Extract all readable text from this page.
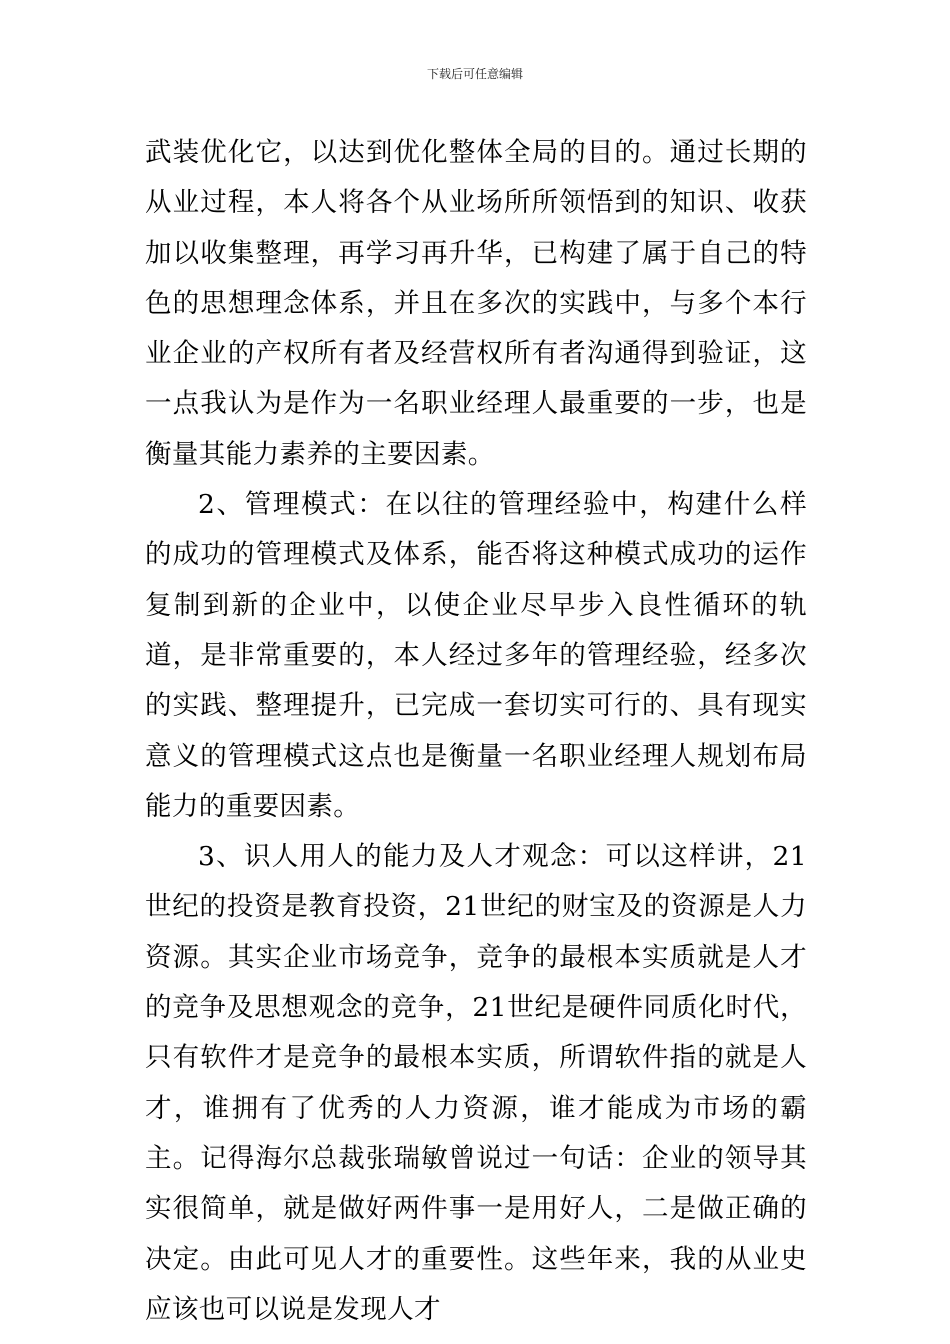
下载后可任意编辑

武装优化它，以达到优化整体全局的目的。通过长期的从业过程，本人将各个从业场所所领悟到的知识、收获加以收集整理，再学习再升华，已构建了属于自己的特色的思想理念体系，并且在多次的实践中，与多个本行业企业的产权所有者及经营权所有者沟通得到验证，这一点我认为是作为一名职业经理人最重要的一步，也是衡量其能力素养的主要因素。

2、管理模式：在以往的管理经验中，构建什么样的成功的管理模式及体系，能否将这种模式成功的运作复制到新的企业中，以使企业尽早步入良性循环的轨道，是非常重要的，本人经过多年的管理经验，经多次的实践、整理提升，已完成一套切实可行的、具有现实意义的管理模式这点也是衡量一名职业经理人规划布局能力的重要因素。

3、识人用人的能力及人才观念：可以这样讲，21世纪的投资是教育投资，21世纪的财宝及的资源是人力资源。其实企业市场竞争，竞争的最根本实质就是人才的竞争及思想观念的竞争，21世纪是硬件同质化时代，只有软件才是竞争的最根本实质，所谓软件指的就是人才，谁拥有了优秀的人力资源，谁才能成为市场的霸主。记得海尔总裁张瑞敏曾说过一句话：企业的领导其实很简单，就是做好两件事一是用好人，二是做正确的决定。由此可见人才的重要性。这些年来，我的从业史应该也可以说是发现人才
